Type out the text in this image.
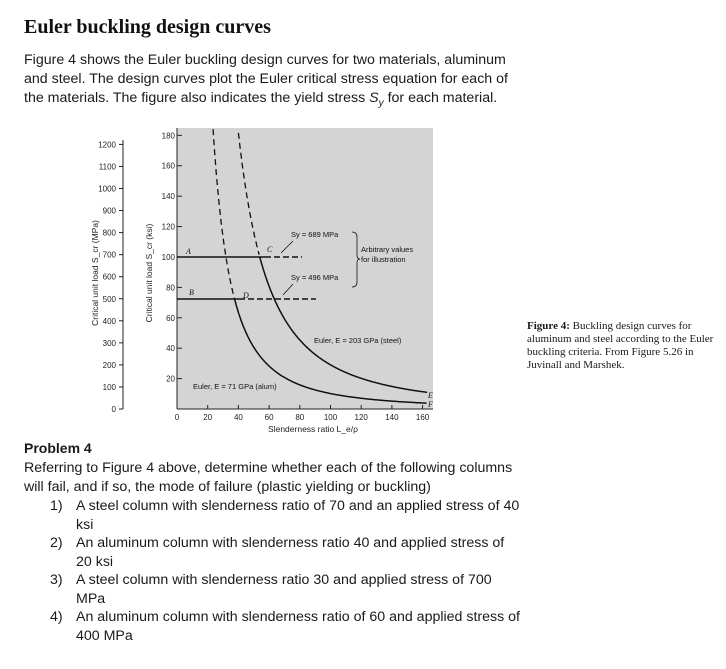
Euler buckling design curves

Figure 4 shows the Euler buckling design curves for two materials, aluminum and steel. The design curves plot the Euler critical stress equation for each of the materials. The figure also indicates the yield stress $S_y$ for each material.

0
100
200
300
400
500
600
700
800
900
1000
1100
1200
20
40
60
80
100
120
140
160
180
0	20	40	60	80 100 120 140 160
Critical unit load S_cr (MPa)	Critical unit load S_cr (ksi)
Slenderness ratio L_e/ρ
A	C
B	D
E
F
Sy = 689 MPa
Sy = 496 MPa
Arbitrary values
for illustration
Euler, E = 203 GPa (steel)
Euler, E = 71 GPa (alum)

Figure 4: Buckling design curves for aluminum and steel according to the Euler buckling criteria. From Figure 5.26 in Juvinall and Marshek.

Problem 4

Referring to Figure 4 above, determine whether each of the following columns will fail, and if so, the mode of failure (plastic yielding or buckling)

1) A steel column with slenderness ratio of 70 and an applied stress of 40 ksi
2) An aluminum column with slenderness ratio 40 and applied stress of 20 ksi
3) A steel column with slenderness ratio 30 and applied stress of 700 MPa
4) An aluminum column with slenderness ratio of 60 and applied stress of 400 MPa
